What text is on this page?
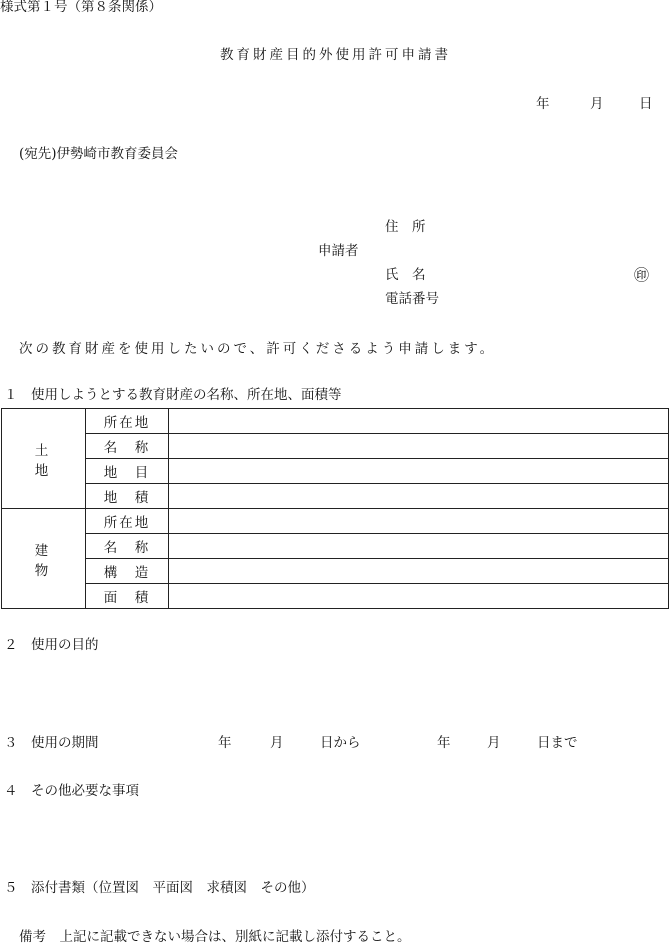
様式第１号（第８条関係）
教育財産目的外使用許可申請書
年	月	日
(宛先)伊勢崎市教育委員会
住　所
申請者
氏　名	㊞
電話番号
次の教育財産を使用したいので、許可くださるよう申請します。
１　使用しようとする教育財産の名称、所在地、面積等
土　地	所在地	
	名　称	
	地　目	
	地　積	
建　物	所在地	
	名　称	
	構　造	
	面　積	
２　使用の目的
３　使用の期間	年	月	日から	年	月	日まで
４　その他必要な事項
５　添付書類（位置図　平面図　求積図　その他）
備考　上記に記載できない場合は、別紙に記載し添付すること。
